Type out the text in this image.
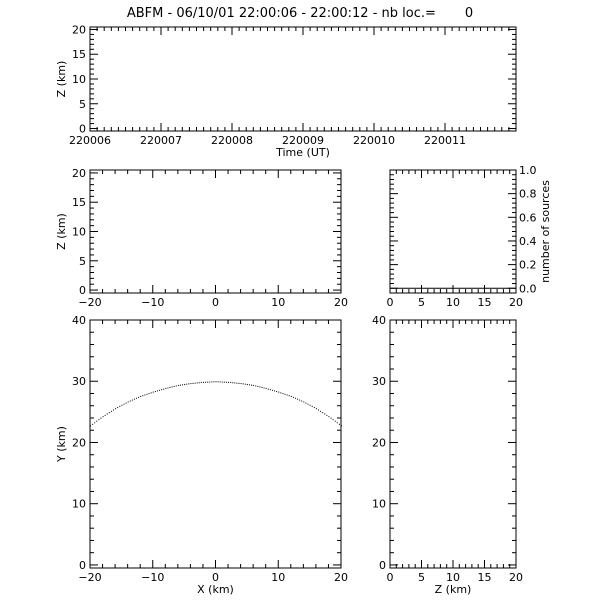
ABFM - 06/10/01 22:00:06 - 22:00:12 - nb loc.=       0
220006	220007	220008	220009	220010	220011
0
5
10
15
20
Time (UT)
Z (km)
−20	−10	0	10	20
0
5
10
15
20
Z (km)
0 5 10 15 20
0.0
0.2
0.4
0.6
0.8
1.0
number of sources
−20	−10	0	10	20
0
10
20
30
40
X (km)
Y (km)
0 5 10 15 20
0
10
20
30
40
Z (km)
